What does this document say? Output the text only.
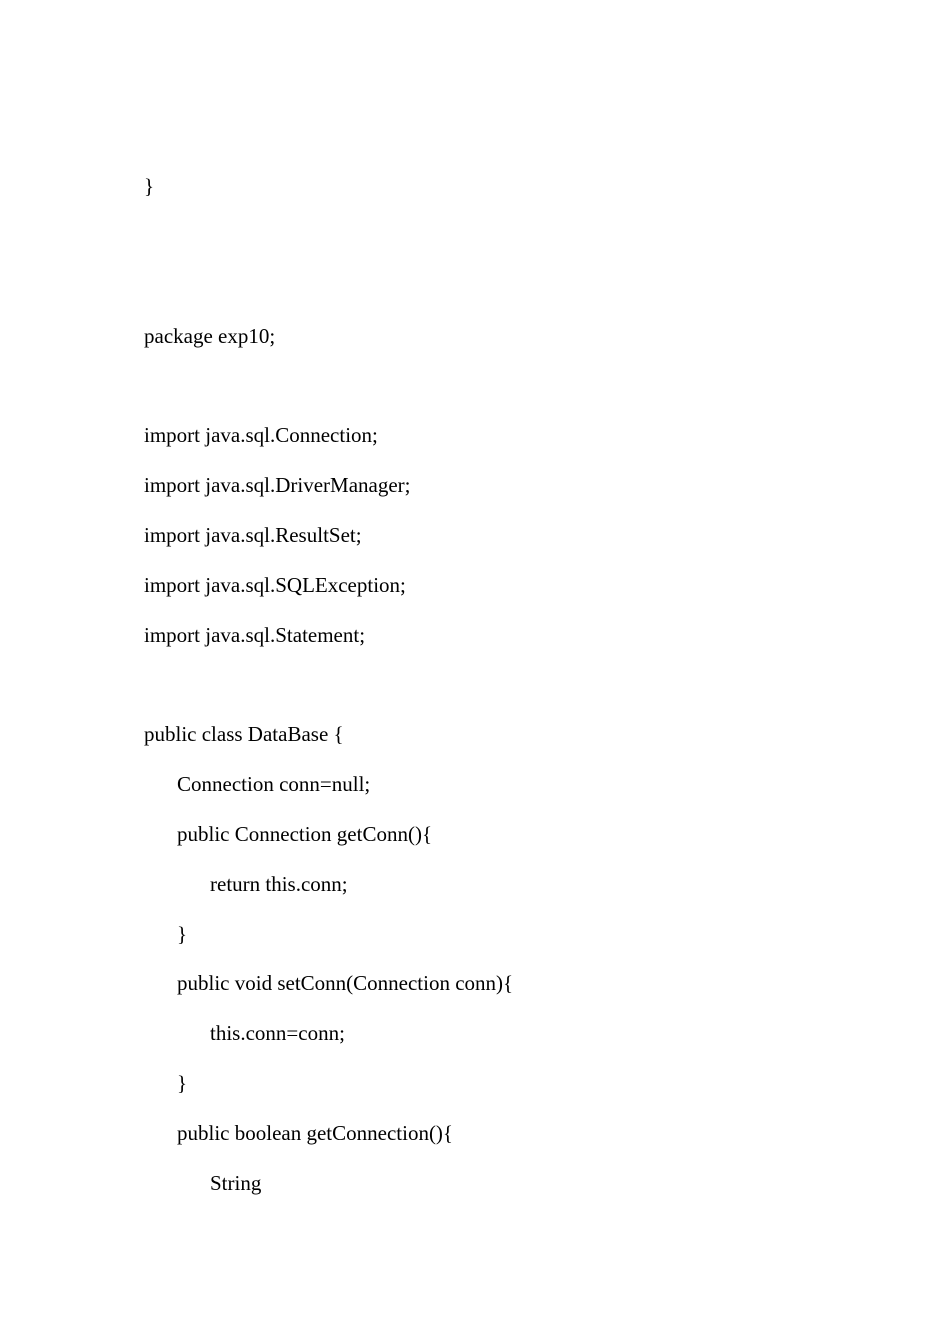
}
package exp10;
import java.sql.Connection;
import java.sql.DriverManager;
import java.sql.ResultSet;
import java.sql.SQLException;
import java.sql.Statement;
public class DataBase {
Connection conn=null;
public Connection getConn(){
return this.conn;
}
public void setConn(Connection conn){
this.conn=conn;
}
public boolean getConnection(){
String
